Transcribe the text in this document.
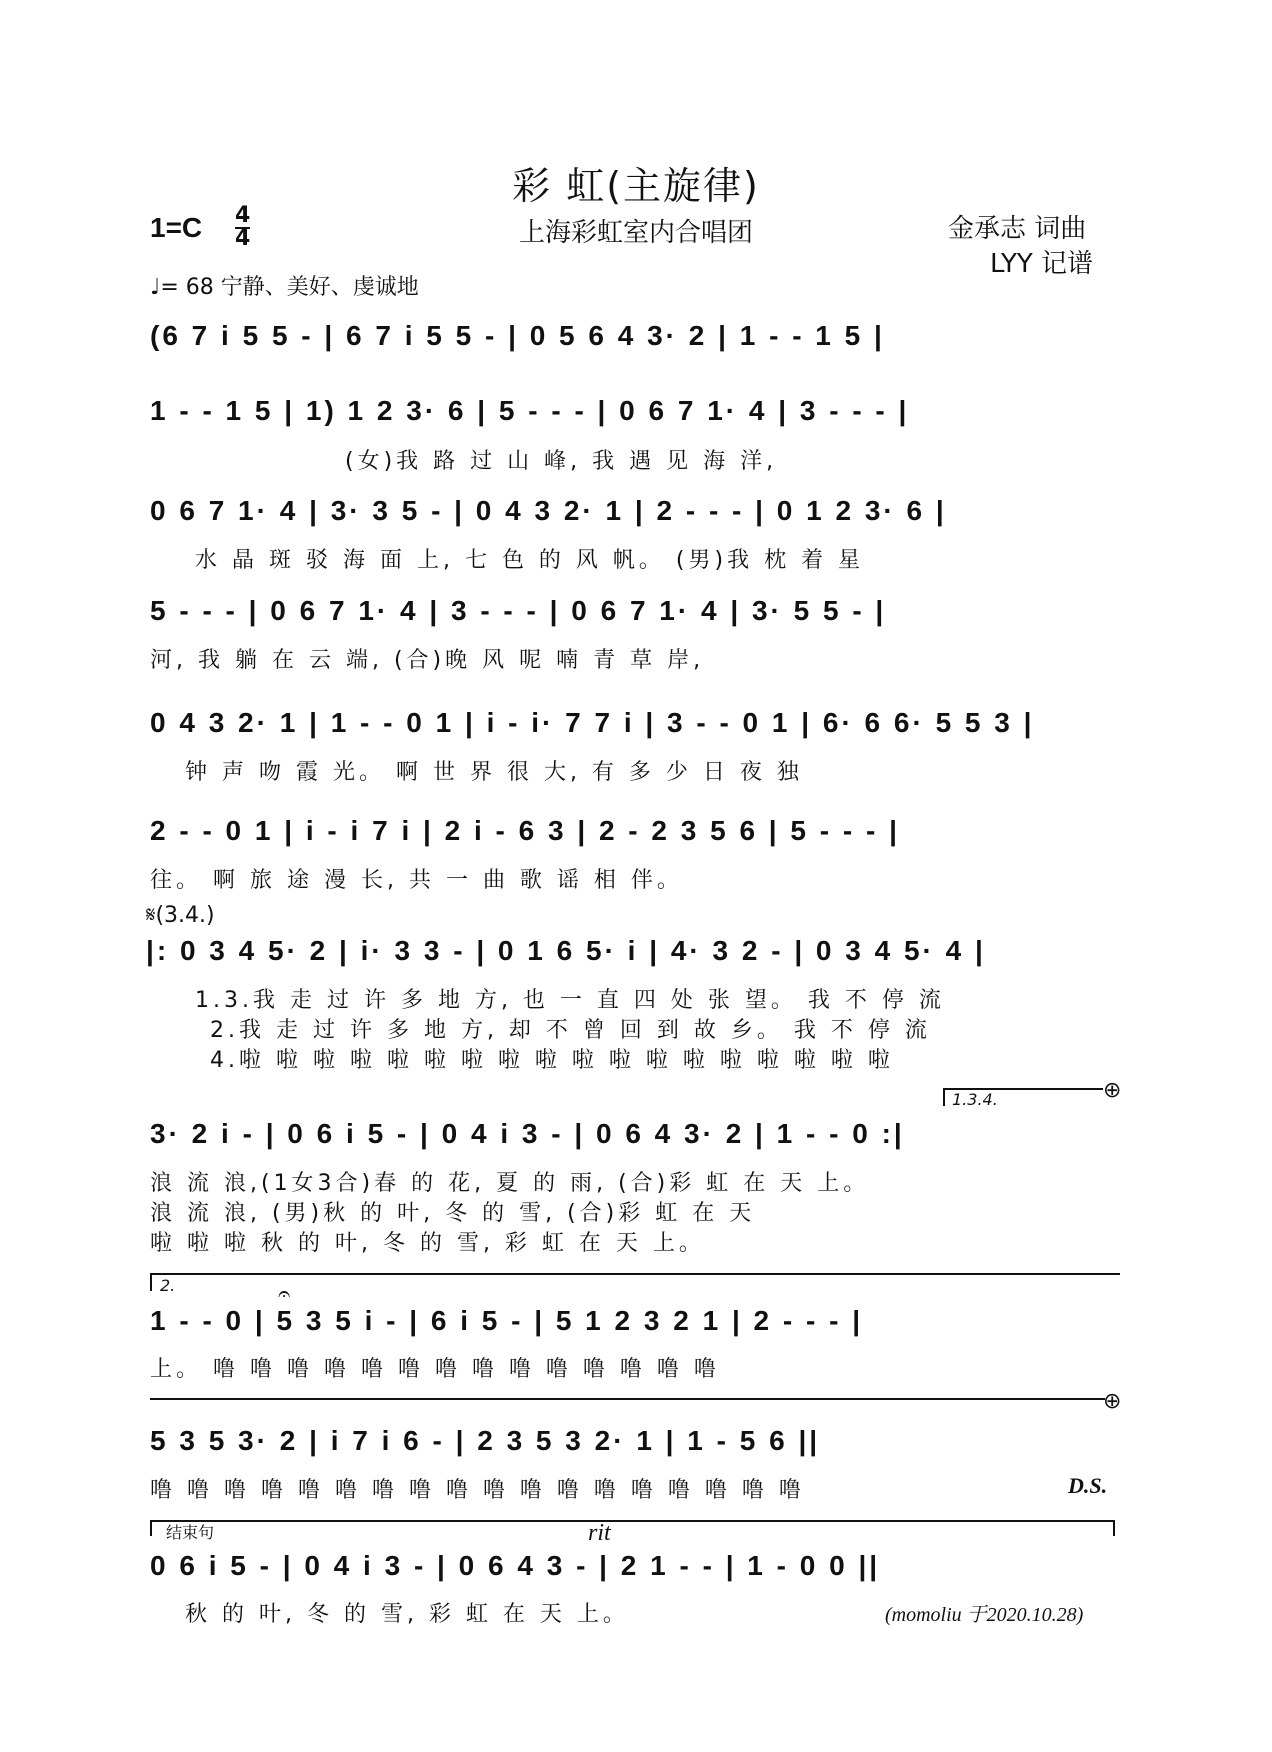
彩 虹(主旋律)
1=C 4
4	上海彩虹室内合唱团	金承志 词曲
LYY 记谱
♩= 68 宁静、美好、虔诚地
(6 7 i 5 5 - | 6 7 i 5 5 - | 0 5 6 4 3· 2 | 1 - - 1 5 |
1 - - 1 5 | 1) 1 2 3· 6 | 5 - - - | 0 6 7 1· 4 | 3 - - - |
(女)我 路 过 山 峰, 我 遇 见 海 洋,
0 6 7 1· 4 | 3· 3 5 - | 0 4 3 2· 1 | 2 - - - | 0 1 2 3· 6 |
水 晶 斑 驳 海 面 上, 七 色 的 风 帆。 (男)我 枕 着 星
5 - - - | 0 6 7 1· 4 | 3 - - - | 0 6 7 1· 4 | 3· 5 5 - |
河, 我 躺 在 云 端, (合)晚 风 呢 喃 青 草 岸,
0 4 3 2· 1 | 1 - - 0 1 | i - i· 7 7 i | 3 - - 0 1 | 6· 6 6· 5 5 3 |
钟 声 吻 霞 光。 啊 世 界 很 大, 有 多 少 日 夜 独
2 - - 0 1 | i - i 7 i | 2 i - 6 3 | 2 - 2 3 5 6 | 5 - - - |
往。 啊 旅 途 漫 长, 共 一 曲 歌 谣 相 伴。
𝄋(3.4.)
|: 0 3 4 5· 2 | i· 3 3 - | 0 1 6 5· i | 4· 3 2 - | 0 3 4 5· 4 |
1.3.我 走 过 许 多 地 方, 也 一 直 四 处 张 望。 我 不 停 流
2.我 走 过 许 多 地 方, 却 不 曾 回 到 故 乡。 我 不 停 流
4.啦 啦 啦 啦 啦 啦 啦 啦 啦 啦 啦 啦 啦 啦 啦 啦 啦 啦
1.3.4.	⊕
3· 2 i - | 0 6 i 5 - | 0 4 i 3 - | 0 6 4 3· 2 | 1 - - 0 :|
浪 流 浪,(1女3合)春 的 花, 夏 的 雨, (合)彩 虹 在 天 上。
浪 流 浪, (男)秋 的 叶, 冬 的 雪, (合)彩 虹 在 天
啦 啦 啦 秋 的 叶, 冬 的 雪, 彩 虹 在 天 上。
2.	𝄐
1 - - 0 | 5 3 5 i - | 6 i 5 - | 5 1 2 3 2 1 | 2 - - - |
上。 噜 噜 噜 噜 噜 噜 噜 噜 噜 噜 噜 噜 噜 噜
⊕
5 3 5 3· 2 | i 7 i 6 - | 2 3 5 3 2· 1 | 1 - 5 6 ||
噜 噜 噜 噜 噜 噜 噜 噜 噜 噜 噜 噜 噜 噜 噜 噜 噜 噜	D.S.
结束句	rit
0 6 i 5 - | 0 4 i 3 - | 0 6 4 3 - | 2 1 - - | 1 - 0 0 ||
秋 的 叶, 冬 的 雪, 彩 虹 在 天 上。	(momoliu 于2020.10.28)
